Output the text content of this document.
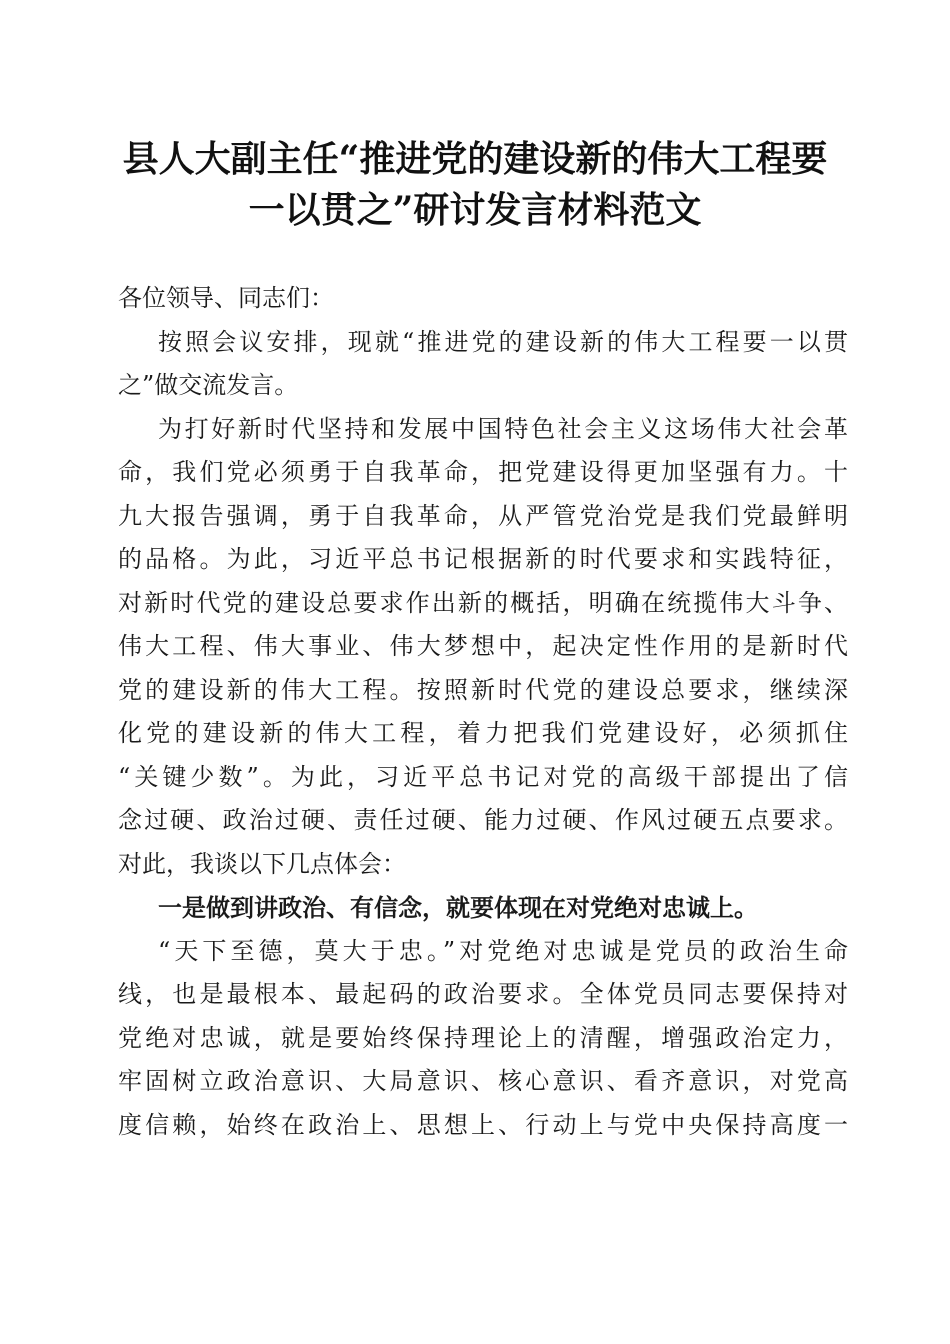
县人大副主任“推进党的建设新的伟大工程要
一以贯之”研讨发言材料范文
各位领导、同志们：
按照会议安排，现就“推进党的建设新的伟大工程要一以贯
之”做交流发言。
为打好新时代坚持和发展中国特色社会主义这场伟大社会革
命，我们党必须勇于自我革命，把党建设得更加坚强有力。十
九大报告强调，勇于自我革命，从严管党治党是我们党最鲜明
的品格。为此，习近平总书记根据新的时代要求和实践特征，
对新时代党的建设总要求作出新的概括，明确在统揽伟大斗争、
伟大工程、伟大事业、伟大梦想中，起决定性作用的是新时代
党的建设新的伟大工程。按照新时代党的建设总要求，继续深
化党的建设新的伟大工程，着力把我们党建设好，必须抓住
“关键少数”。为此，习近平总书记对党的高级干部提出了信
念过硬、政治过硬、责任过硬、能力过硬、作风过硬五点要求。
对此，我谈以下几点体会：
一是做到讲政治、有信念，就要体现在对党绝对忠诚上。
“天下至德，莫大于忠。”对党绝对忠诚是党员的政治生命
线，也是最根本、最起码的政治要求。全体党员同志要保持对
党绝对忠诚，就是要始终保持理论上的清醒，增强政治定力，
牢固树立政治意识、大局意识、核心意识、看齐意识，对党高
度信赖，始终在政治上、思想上、行动上与党中央保持高度一
